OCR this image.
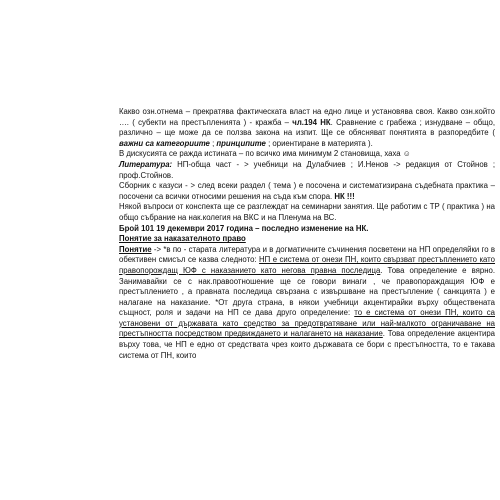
Какво озн.отнема – прекратява фактическата власт на едно лице и установява своя. Какво озн.който …. ( субекти на престъпленията ) - кражба – чл.194 НК. Сравнение с грабежа ; изнудване – общо, различно – ще може да се ползва закона на изпит. Ще се обясняват понятията в разпоредбите ( важни са категориите ; принципите ; ориентиране в материята ).

В дискусията се ражда истината – по всичко има минимум 2 становища, хаха ☺

Литература: НП-обща част - > учебници на Дулабчиев ; И.Ненов -> редакция от Стойнов ; проф.Стойнов.

Сборник с казуси - > след всеки раздел ( тема ) е посочена и систематизирана съдебната практика – посочени са всички относими решения на съда към спора. НК !!!

Някой въпроси от конспекта ще се разглеждат на семинарни занятия. Ще работим с ТР ( практика ) на общо събрание на нак.колегия на ВКС и на Пленума на ВС.

Брой 101 19 декември 2017 година – последно изменение на НК.

Понятие за наказателното право

Понятие -> *в по - старата литература и в догматичните съчинения посветени на НП определяйки го в обективен смисъл се казва следното: НП е система от онези ПН, които свързват престъплението като правопорождащ ЮФ с наказанието като негова правна последица. Това определение е вярно. Занимавайки се с нак.правоотношение ще се говори винаги , че правопораждащия ЮФ е престъплението , а правната последица свързана с извършване на престъпление ( санкцията ) е налагане на наказание. *От друга страна, в някои учебници акцентирайки върху обществената същност, роля и задачи на НП се дава друго определение: то е система от онези ПН, които са установени от държавата като средство за предотвратяване или най-малкото ограничаване на престъпността посредством предвиждането и налагането на наказание. Това определение акцентира върху това, че НП е едно от средствата чрез които държавата се бори с престъпността, то е такава система от ПН, които
